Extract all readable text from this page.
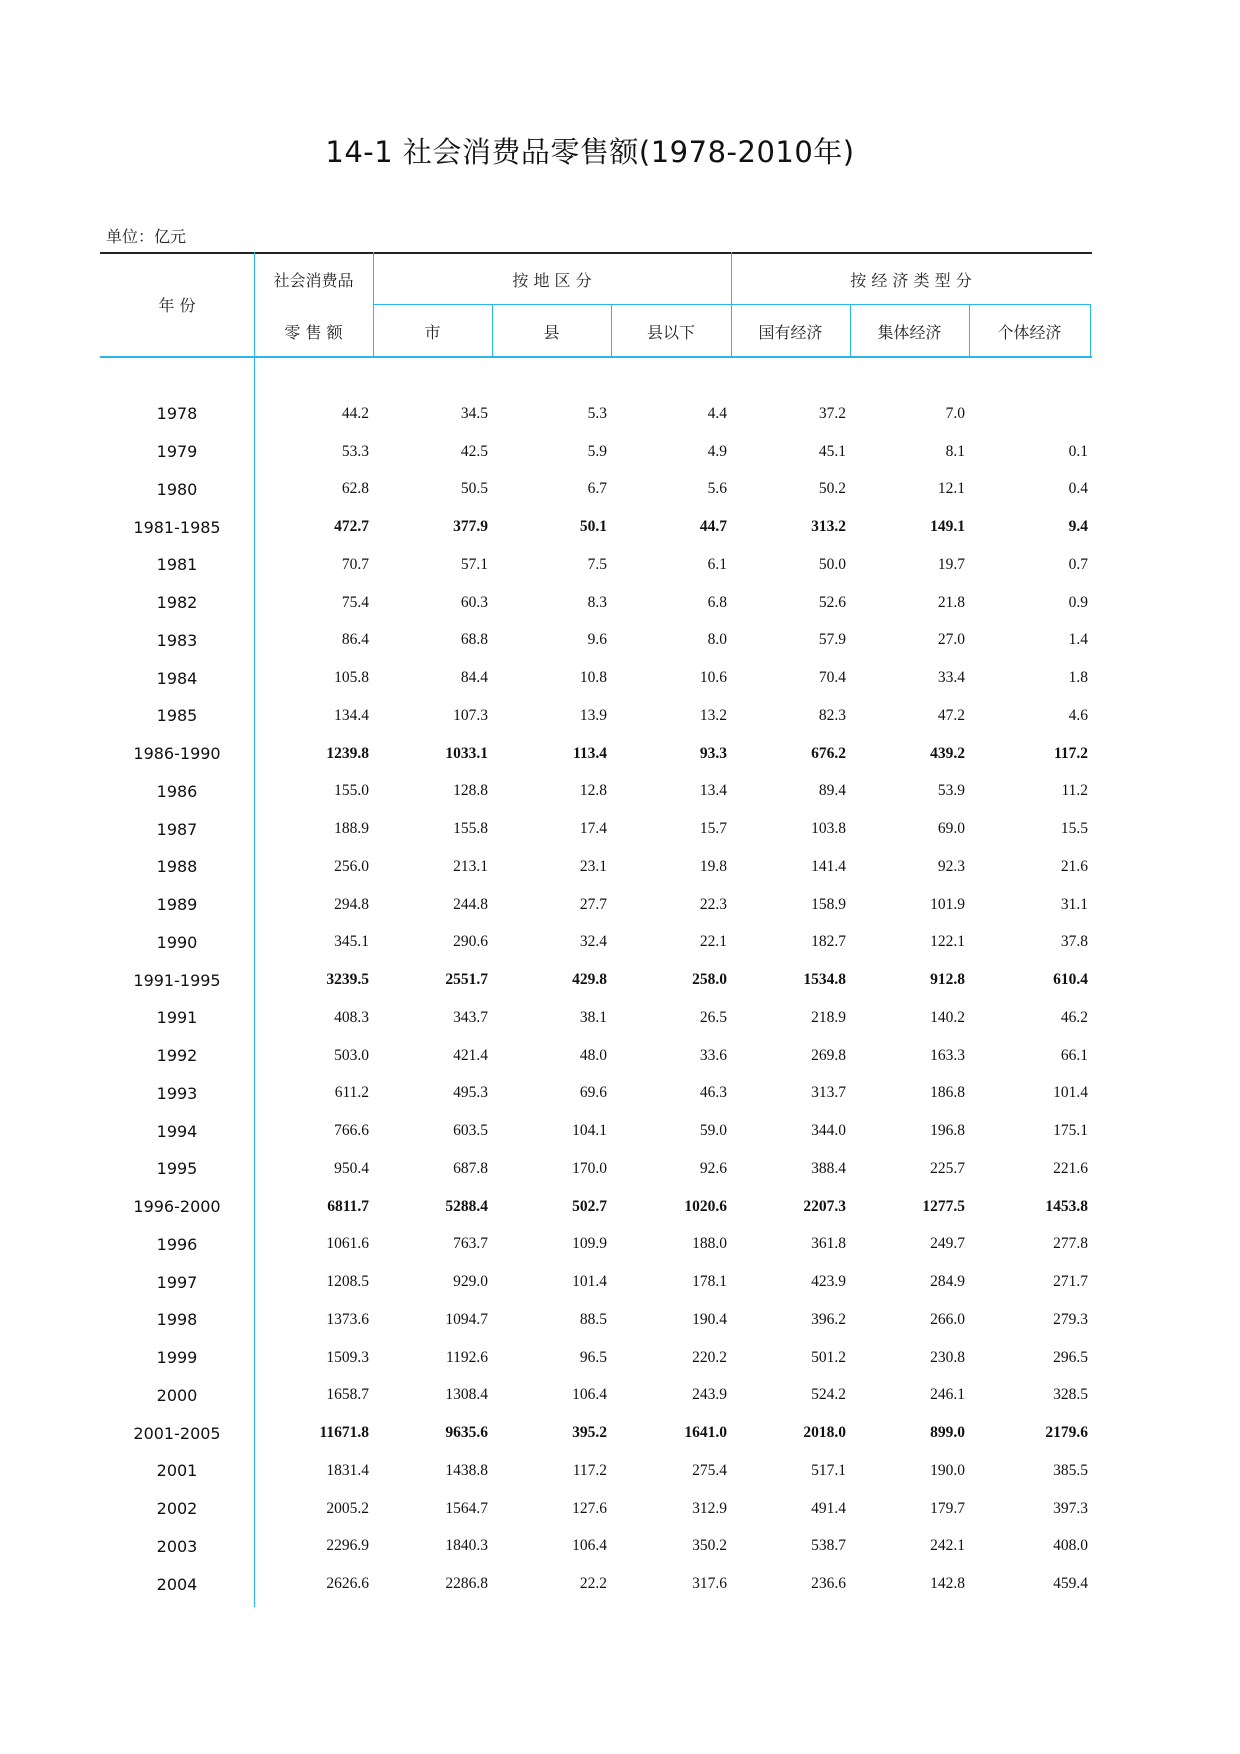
14-1 社会消费品零售额(1978-2010年)
单位：亿元
年 份
社会消费品
零 售 额
按 地 区 分	按 经 济 类 型 分
市	县	县以下	国有经济	集体经济	个体经济
1978	44.2	34.5	5.3	4.4	37.2	7.0	
1979	53.3	42.5	5.9	4.9	45.1	8.1	0.1
1980	62.8	50.5	6.7	5.6	50.2	12.1	0.4
1981-1985	472.7	377.9	50.1	44.7	313.2	149.1	9.4
1981	70.7	57.1	7.5	6.1	50.0	19.7	0.7
1982	75.4	60.3	8.3	6.8	52.6	21.8	0.9
1983	86.4	68.8	9.6	8.0	57.9	27.0	1.4
1984	105.8	84.4	10.8	10.6	70.4	33.4	1.8
1985	134.4	107.3	13.9	13.2	82.3	47.2	4.6
1986-1990	1239.8	1033.1	113.4	93.3	676.2	439.2	117.2
1986	155.0	128.8	12.8	13.4	89.4	53.9	11.2
1987	188.9	155.8	17.4	15.7	103.8	69.0	15.5
1988	256.0	213.1	23.1	19.8	141.4	92.3	21.6
1989	294.8	244.8	27.7	22.3	158.9	101.9	31.1
1990	345.1	290.6	32.4	22.1	182.7	122.1	37.8
1991-1995	3239.5	2551.7	429.8	258.0	1534.8	912.8	610.4
1991	408.3	343.7	38.1	26.5	218.9	140.2	46.2
1992	503.0	421.4	48.0	33.6	269.8	163.3	66.1
1993	611.2	495.3	69.6	46.3	313.7	186.8	101.4
1994	766.6	603.5	104.1	59.0	344.0	196.8	175.1
1995	950.4	687.8	170.0	92.6	388.4	225.7	221.6
1996-2000	6811.7	5288.4	502.7	1020.6	2207.3	1277.5	1453.8
1996	1061.6	763.7	109.9	188.0	361.8	249.7	277.8
1997	1208.5	929.0	101.4	178.1	423.9	284.9	271.7
1998	1373.6	1094.7	88.5	190.4	396.2	266.0	279.3
1999	1509.3	1192.6	96.5	220.2	501.2	230.8	296.5
2000	1658.7	1308.4	106.4	243.9	524.2	246.1	328.5
2001-2005	11671.8	9635.6	395.2	1641.0	2018.0	899.0	2179.6
2001	1831.4	1438.8	117.2	275.4	517.1	190.0	385.5
2002	2005.2	1564.7	127.6	312.9	491.4	179.7	397.3
2003	2296.9	1840.3	106.4	350.2	538.7	242.1	408.0
2004	2626.6	2286.8	22.2	317.6	236.6	142.8	459.4
